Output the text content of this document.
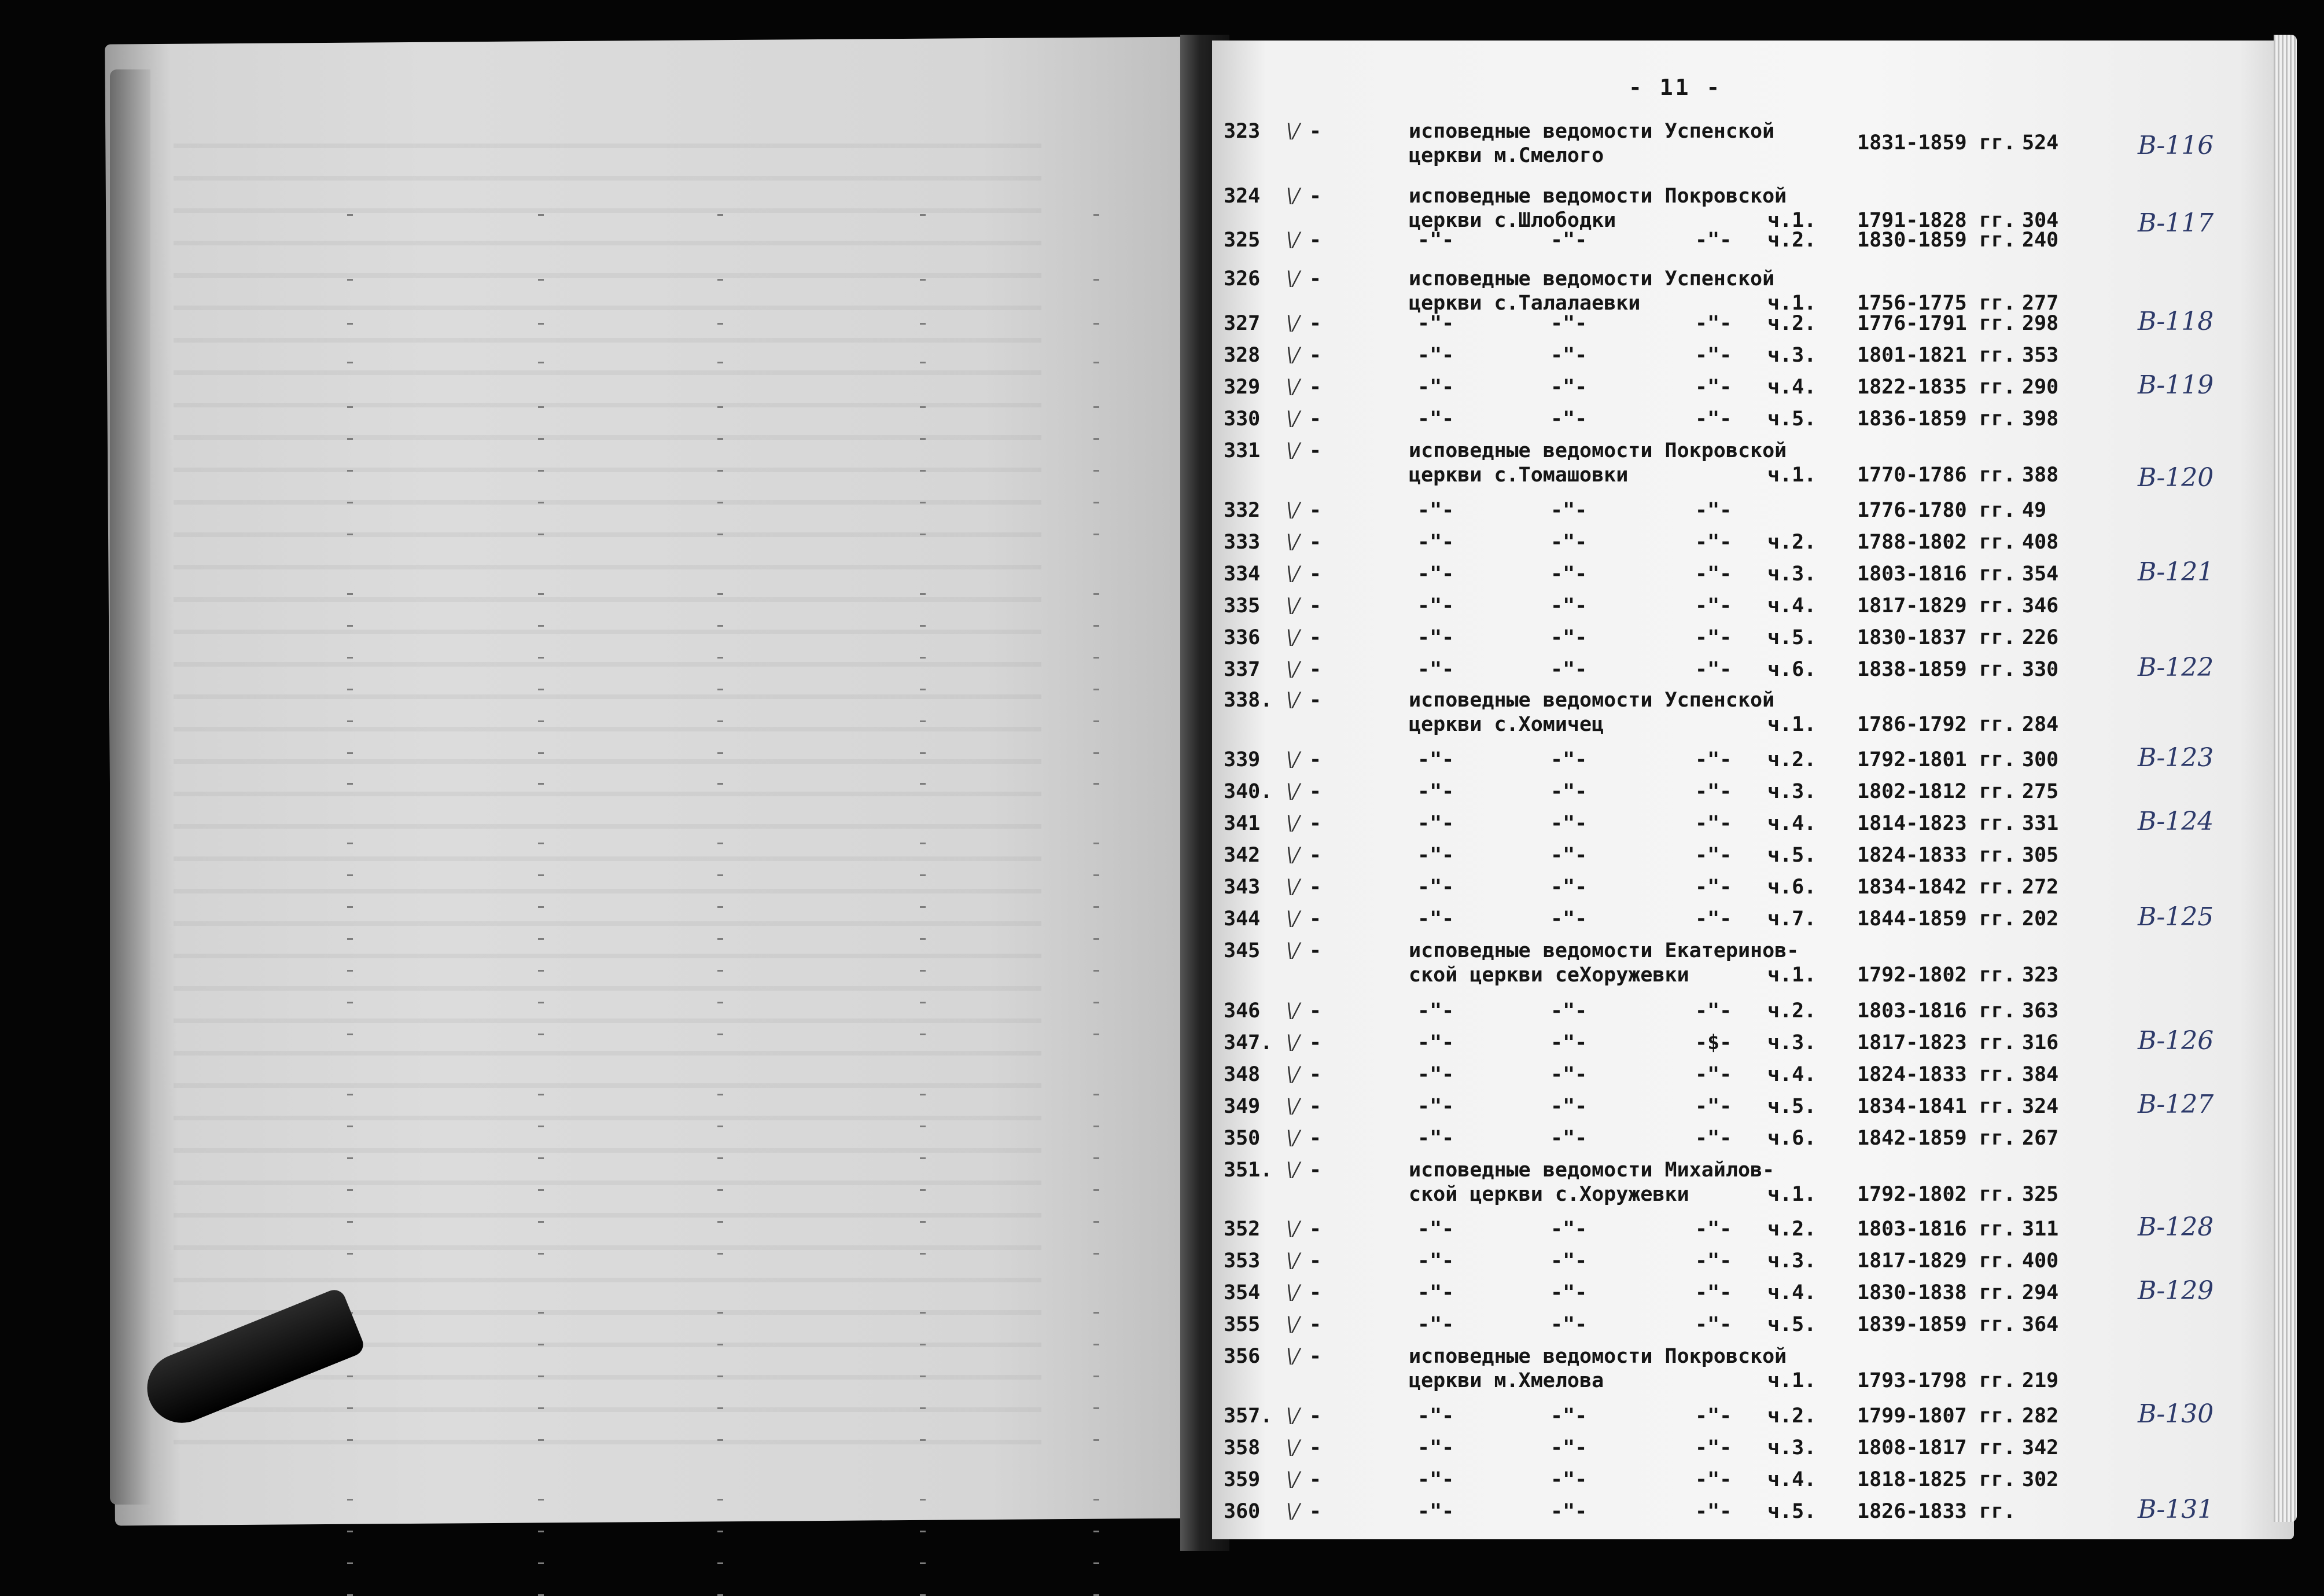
- 11 -
323 \/ -	исповедные ведомости Успенской
церкви м.Смелого
1831-1859 гг. 524	В-116
324 \/ -	исповедные ведомости Покровской
церкви с.Шлободки	ч.1. 1791-1828 гг. 304	В-117
325 \/ -	-"-	-"-	-"- ч.2. 1830-1859 гг. 240
326 \/ -	исповедные ведомости Успенской
церкви с.Талалаевки	ч.1. 1756-1775 гг. 277
327 \/ -	-"-	-"-	-"- ч.2. 1776-1791 гг. 298	В-118
328 \/ -	-"-	-"-	-"- ч.3. 1801-1821 гг. 353
329 \/ -	-"-	-"-	-"- ч.4. 1822-1835 гг. 290	В-119
330 \/ -	-"-	-"-	-"- ч.5. 1836-1859 гг. 398
331 \/ -	исповедные ведомости Покровской
церкви с.Томашовки	ч.1. 1770-1786 гг. 388	В-120
332 \/ -	-"-	-"-	-"-	1776-1780 гг. 49
333 \/ -	-"-	-"-	-"- ч.2. 1788-1802 гг. 408
334 \/ -	-"-	-"-	-"- ч.3. 1803-1816 гг. 354	В-121
335 \/ -	-"-	-"-	-"- ч.4. 1817-1829 гг. 346
336 \/ -	-"-	-"-	-"- ч.5. 1830-1837 гг. 226
337 \/ -	-"-	-"-	-"- ч.6. 1838-1859 гг. 330	В-122
338. \/ -	исповедные ведомости Успенской
церкви с.Хомичец	ч.1. 1786-1792 гг. 284
339 \/ -	-"-	-"-	-"- ч.2. 1792-1801 гг. 300	В-123
340. \/ -	-"-	-"-	-"- ч.3. 1802-1812 гг. 275
341 \/ -	-"-	-"-	-"- ч.4. 1814-1823 гг. 331	В-124
342 \/ -	-"-	-"-	-"- ч.5. 1824-1833 гг. 305
343 \/ -	-"-	-"-	-"- ч.6. 1834-1842 гг. 272
344 \/ -	-"-	-"-	-"- ч.7. 1844-1859 гг. 202	В-125
345 \/ -	исповедные ведомости Екатеринов-
ской церкви сеХоружевки	ч.1. 1792-1802 гг. 323
346 \/ -	-"-	-"-	-"- ч.2. 1803-1816 гг. 363
347. \/ -	-"-	-"-	-$- ч.3. 1817-1823 гг. 316	В-126
348 \/ -	-"-	-"-	-"- ч.4. 1824-1833 гг. 384
349 \/ -	-"-	-"-	-"- ч.5. 1834-1841 гг. 324	В-127
350 \/ -	-"-	-"-	-"- ч.6. 1842-1859 гг. 267
351. \/ -	исповедные ведомости Михайлов-
ской церкви с.Хоружевки	ч.1. 1792-1802 гг. 325
352 \/ -	-"-	-"-	-"- ч.2. 1803-1816 гг. 311	В-128
353 \/ -	-"-	-"-	-"- ч.3. 1817-1829 гг. 400
354 \/ -	-"-	-"-	-"- ч.4. 1830-1838 гг. 294	В-129
355 \/ -	-"-	-"-	-"- ч.5. 1839-1859 гг. 364
356 \/ -	исповедные ведомости Покровской
церкви м.Хмелова	ч.1. 1793-1798 гг. 219
357. \/ -	-"-	-"-	-"- ч.2. 1799-1807 гг. 282	В-130
358 \/ -	-"-	-"-	-"- ч.3. 1808-1817 гг. 342
359 \/ -	-"-	-"-	-"- ч.4. 1818-1825 гг. 302
360 \/ -	-"-	-"-	-"- ч.5. 1826-1833 гг.	В-131
